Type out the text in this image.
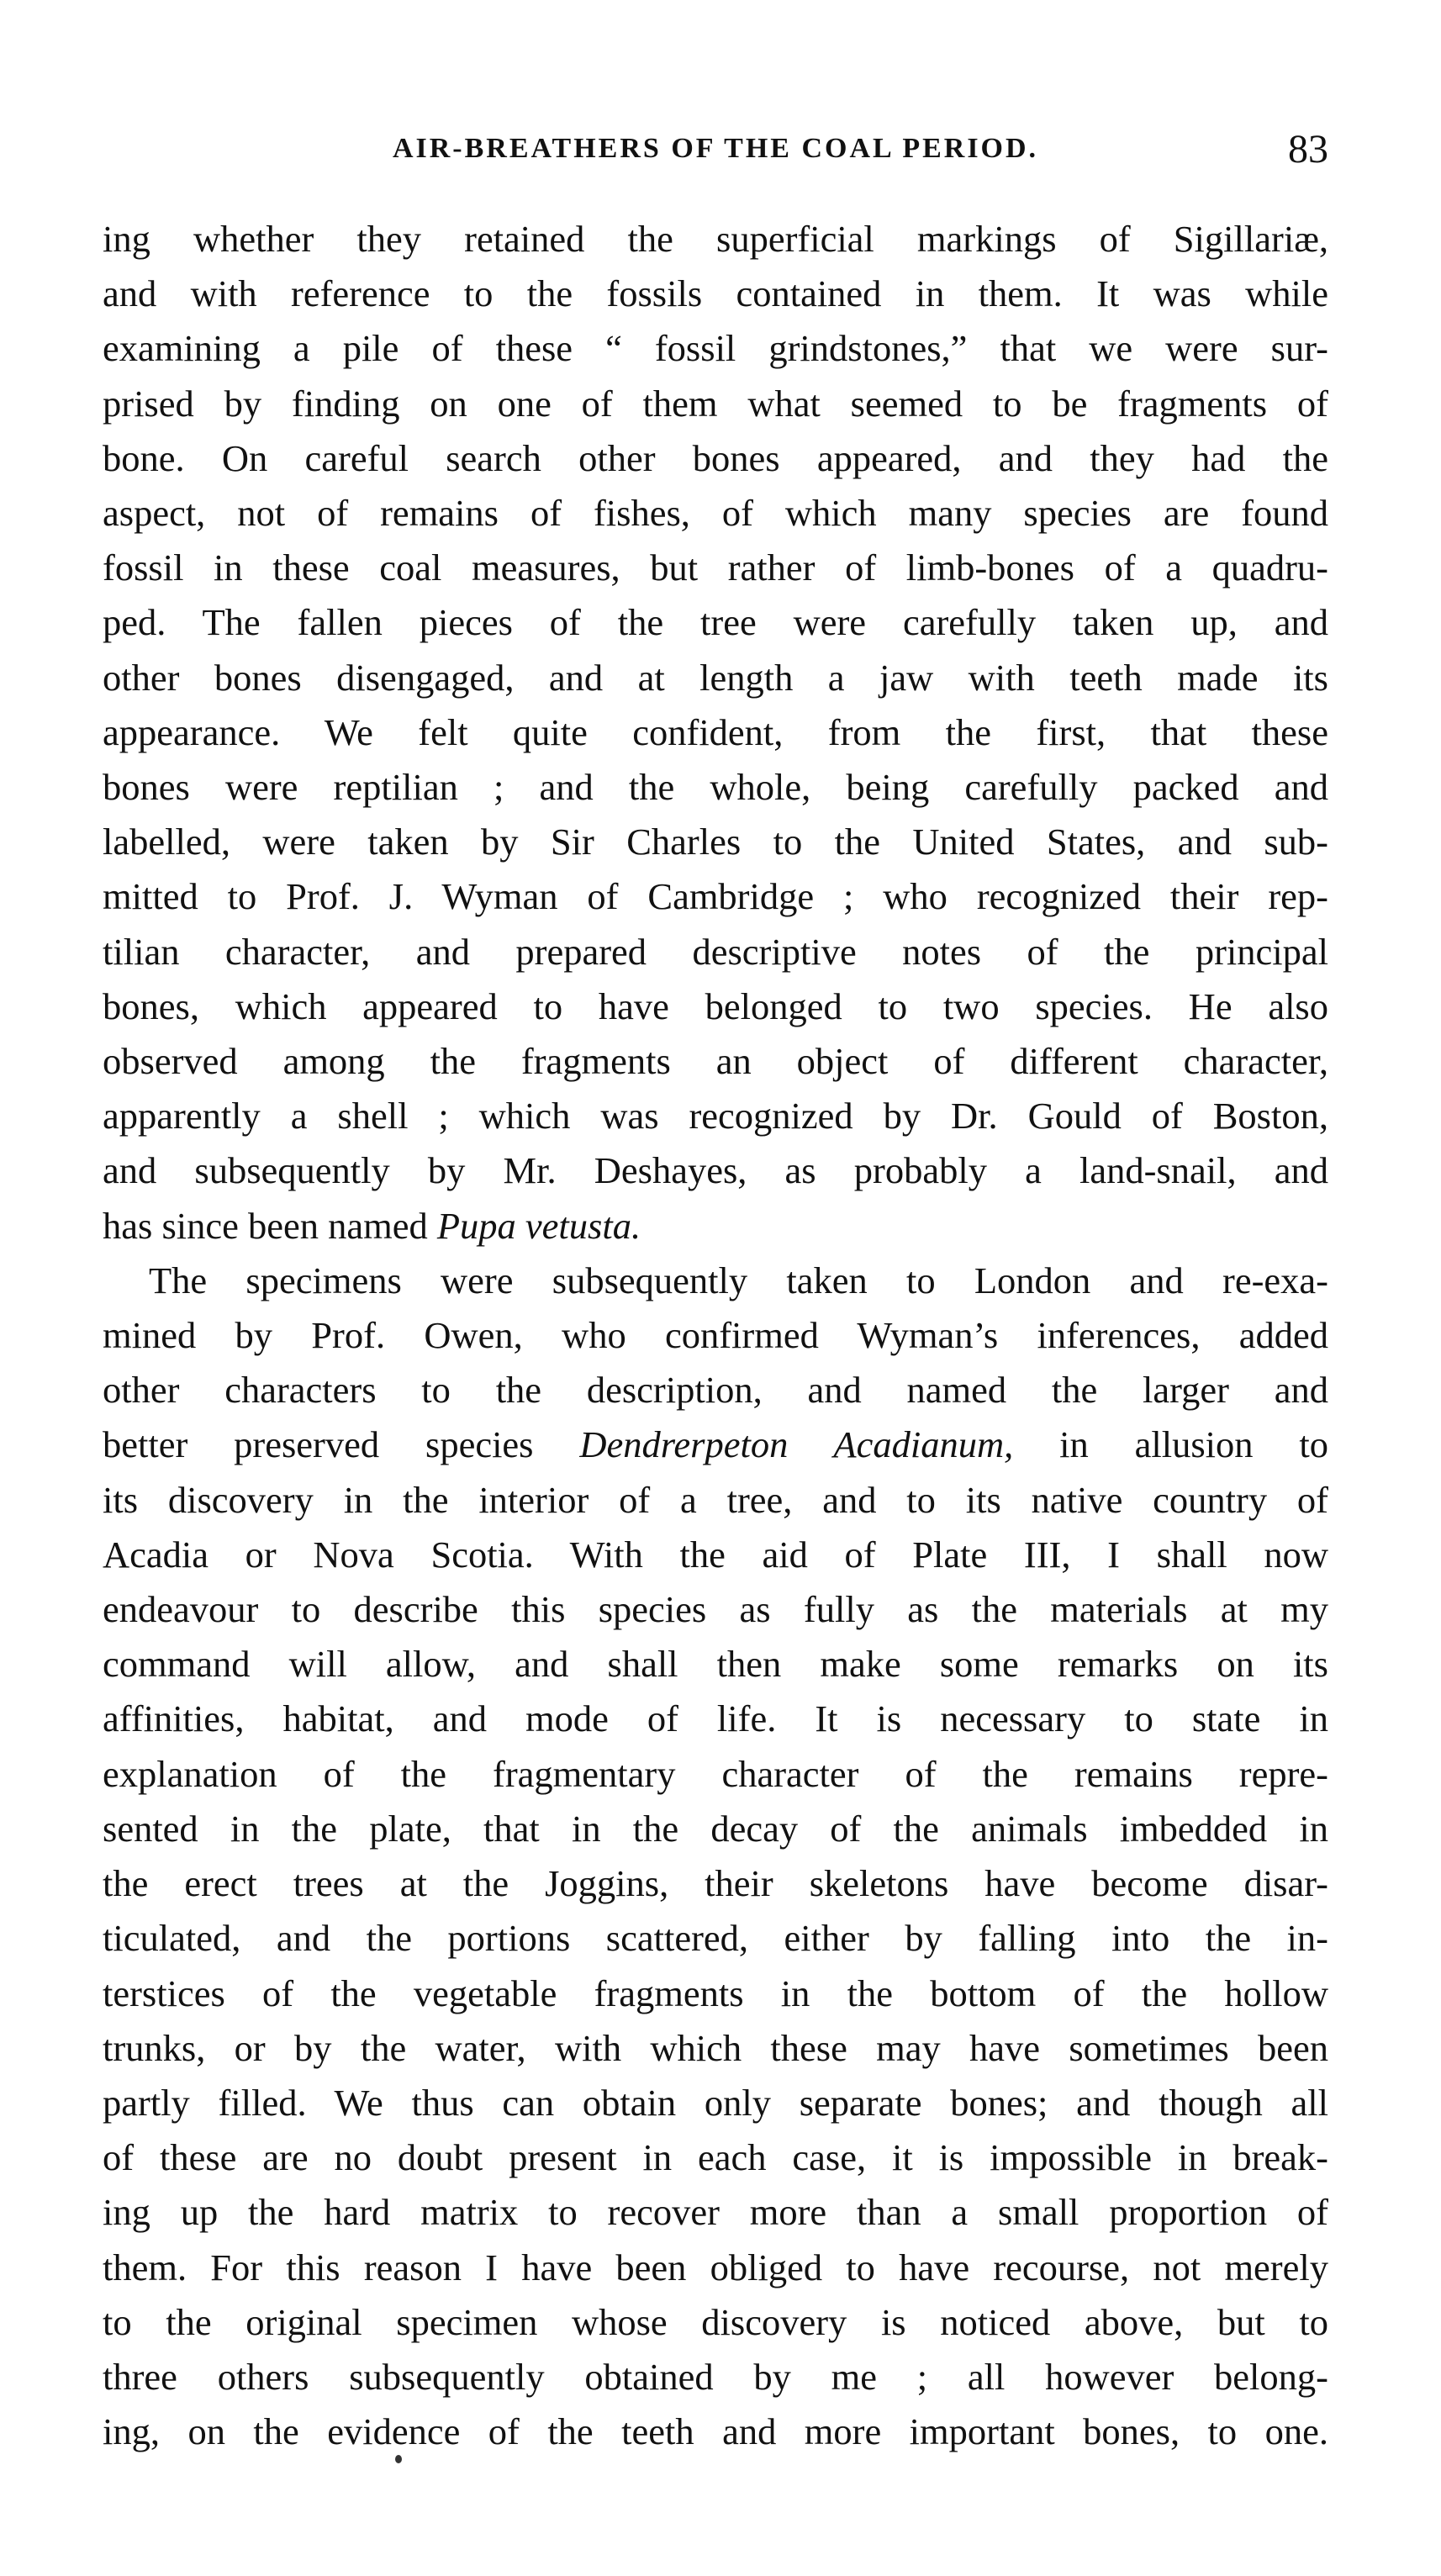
AIR-BREATHERS OF THE COAL PERIOD.	83

ing whether they retained the superficial markings of Sigillariæ,
and with reference to the fossils contained in them. It was while
examining a pile of these “ fossil grindstones,” that we were sur-
prised by finding on one of them what seemed to be fragments of
bone. On careful search other bones appeared, and they had the
aspect, not of remains of fishes, of which many species are found
fossil in these coal measures, but rather of limb-bones of a quadru-
ped. The fallen pieces of the tree were carefully taken up, and
other bones disengaged, and at length a jaw with teeth made its
appearance. We felt quite confident, from the first, that these
bones were reptilian ; and the whole, being carefully packed and
labelled, were taken by Sir Charles to the United States, and sub-
mitted to Prof. J. Wyman of Cambridge ; who recognized their rep-
tilian character, and prepared descriptive notes of the principal
bones, which appeared to have belonged to two species. He also
observed among the fragments an object of different character,
apparently a shell ; which was recognized by Dr. Gould of Boston,
and subsequently by Mr. Deshayes, as probably a land-snail, and
has since been named Pupa vetusta.

The specimens were subsequently taken to London and re-exa-
mined by Prof. Owen, who confirmed Wyman’s inferences, added
other characters to the description, and named the larger and
better preserved species Dendrerpeton Acadianum, in allusion to
its discovery in the interior of a tree, and to its native country of
Acadia or Nova Scotia. With the aid of Plate III, I shall now
endeavour to describe this species as fully as the materials at my
command will allow, and shall then make some remarks on its
affinities, habitat, and mode of life. It is necessary to state in
explanation of the fragmentary character of the remains repre-
sented in the plate, that in the decay of the animals imbedded in
the erect trees at the Joggins, their skeletons have become disar-
ticulated, and the portions scattered, either by falling into the in-
terstices of the vegetable fragments in the bottom of the hollow
trunks, or by the water, with which these may have sometimes been
partly filled. We thus can obtain only separate bones; and though all
of these are no doubt present in each case, it is impossible in break-
ing up the hard matrix to recover more than a small proportion of
them. For this reason I have been obliged to have recourse, not merely
to the original specimen whose discovery is noticed above, but to
three others subsequently obtained by me ; all however belong-
ing, on the evidence of the teeth and more important bones, to one.
